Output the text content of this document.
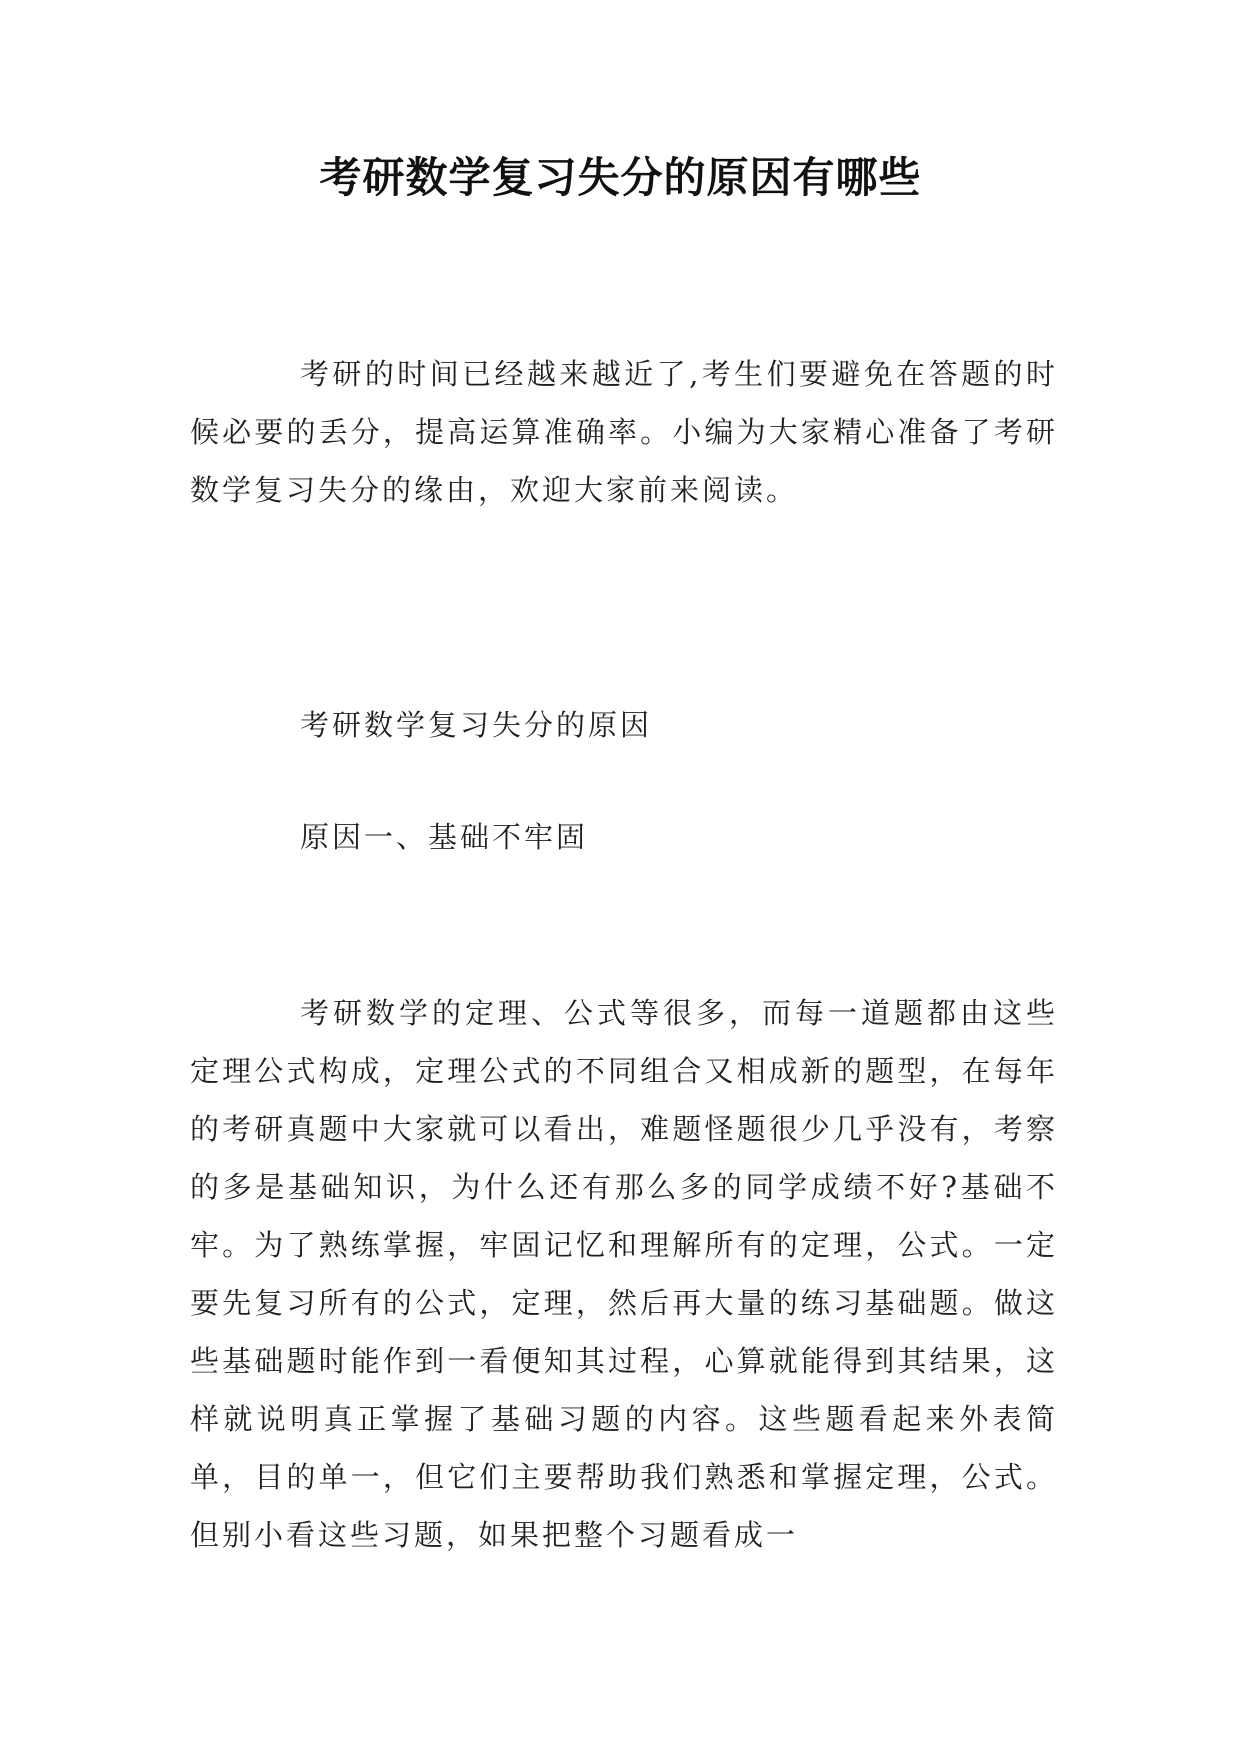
考研数学复习失分的原因有哪些

考研的时间已经越来越近了,考生们要避免在答题的时候必要的丢分，提高运算准确率。小编为大家精心准备了考研数学复习失分的缘由，欢迎大家前来阅读。

考研数学复习失分的原因

原因一、基础不牢固

考研数学的定理、公式等很多，而每一道题都由这些定理公式构成，定理公式的不同组合又相成新的题型，在每年的考研真题中大家就可以看出，难题怪题很少几乎没有，考察的多是基础知识，为什么还有那么多的同学成绩不好?基础不牢。为了熟练掌握，牢固记忆和理解所有的定理，公式。一定要先复习所有的公式，定理，然后再大量的练习基础题。做这些基础题时能作到一看便知其过程，心算就能得到其结果，这样就说明真正掌握了基础习题的内容。这些题看起来外表简单，目的单一，但它们主要帮助我们熟悉和掌握定理，公式。但别小看这些习题，如果把整个习题看成一
